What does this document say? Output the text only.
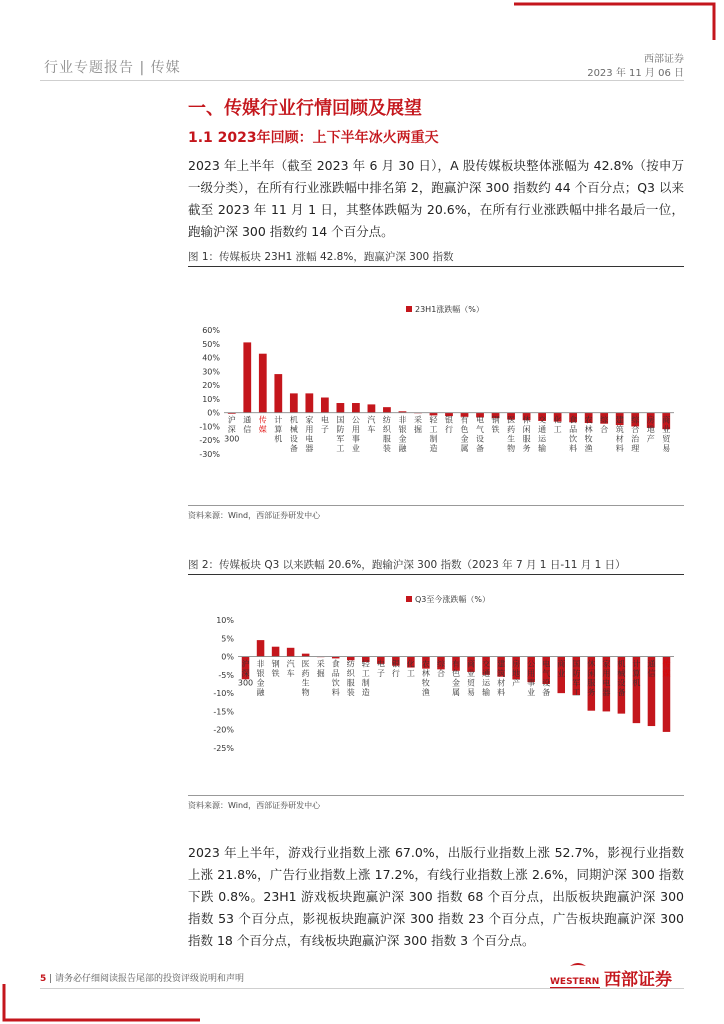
行业专题报告 | 传媒
西部证券
2023 年 11 月 06 日
一、传媒行业行情回顾及展望
1.1 2023年回顾：上下半年冰火两重天
2023 年上半年（截至 2023 年 6 月 30 日），A 股传媒板块整体涨幅为 42.8%（按申万一级分类），在所有行业涨跌幅中排名第 2，跑赢沪深 300 指数约 44 个百分点；Q3 以来截至 2023 年 11 月 1 日，其整体跌幅为 20.6%，在所有行业涨跌幅中排名最后一位，跑输沪深 300 指数约 14 个百分点。
图 1：传媒板块 23H1 涨幅 42.8%，跑赢沪深 300 指数
23H1涨跌幅（%）
60%
50%
40%
30%
20%
10%
0%
-10%
-20%
-30%
沪
深
300
通
信
传
媒
计
算
机
机
械
设
备
家
用
电
器
电
子
国
防
军
工
公
用
事
业
汽
车
纺
织
服
装
非
银
金
融
采
掘
轻
工
制
造
银
行
有
色
金
属
电
气
设
备
钢
铁
医
药
生
物
休
闲
服
务
交
通
运
输
化
工
食
品
饮
料
农
林
牧
渔
综
合
建
筑
材
料
综
合
治
理
房
地
产
商
业
贸
易
资料来源：Wind，西部证券研发中心
图 2：传媒板块 Q3 以来跌幅 20.6%，跑输沪深 300 指数（2023 年 7 月 1 日-11 月 1 日）
Q3至今涨跌幅（%）
10%
5%
0%
-5%
-10%
-15%
-20%
-25%
沪
深
300
非
银
金
融
钢
铁
汽
车
医
药
生
物
采
掘
食
品
饮
料
纺
织
服
装
轻
工
制
造
电
子
银
行
化
工
农
林
牧
渔
综
合
有
色
金
属
商
业
贸
易
交
通
运
输
建
筑
材
料
房
地
产
公
用
事
业
电
气
设
备
商
业
国
防
军
工
休
闲
服
务
家
用
电
器
机
械
设
备
计
算
机
通
信
传
媒
资料来源：Wind，西部证券研发中心
2023 年上半年，游戏行业指数上涨 67.0%，出版行业指数上涨 52.7%，影视行业指数上涨 21.8%，广告行业指数上涨 17.2%，有线行业指数上涨 2.6%，同期沪深 300 指数下跌 0.8%。23H1 游戏板块跑赢沪深 300 指数 68 个百分点，出版板块跑赢沪深 300 指数 53 个百分点，影视板块跑赢沪深 300 指数 23 个百分点，广告板块跑赢沪深 300 指数 18 个百分点，有线板块跑赢沪深 300 指数 3 个百分点。
5 | 请务必仔细阅读报告尾部的投资评级说明和声明	WESTERN 西部证券
